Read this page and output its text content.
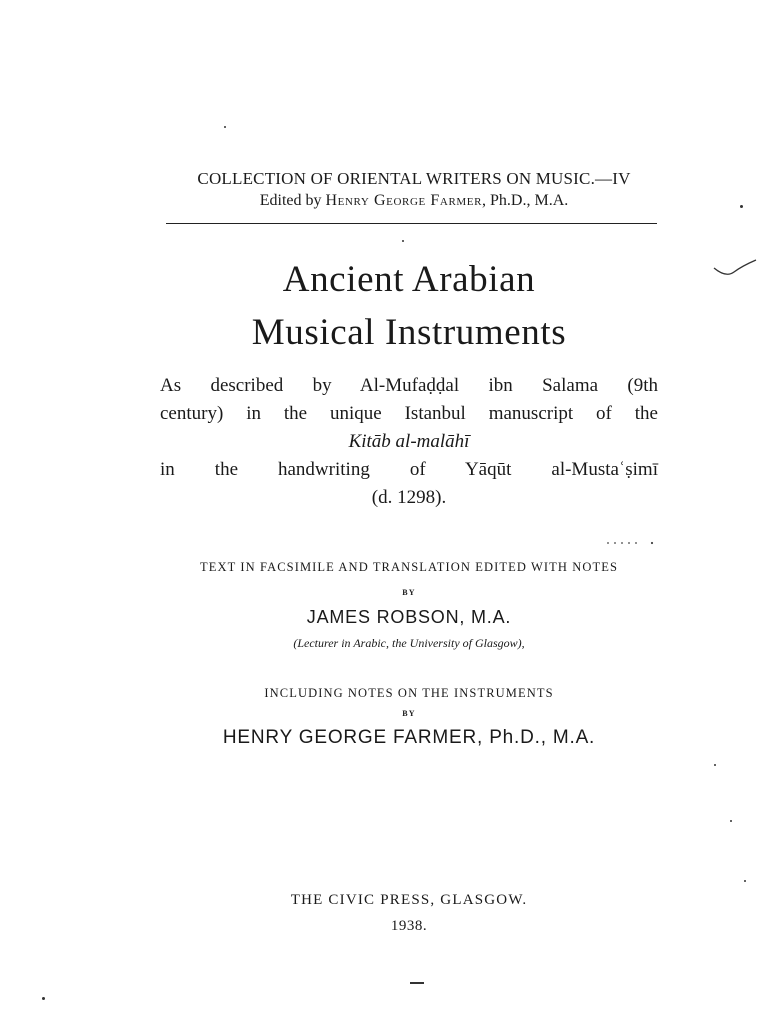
COLLECTION OF ORIENTAL WRITERS ON MUSIC.—IV
Edited by Henry George Farmer, Ph.D., M.A.
Ancient Arabian
Musical Instruments
As described by Al-Mufaḍḍal ibn Salama (9th
century) in the unique Istanbul manuscript of the
Kitāb al-malāhī
in the handwriting of Yāqūt al-Mustaʿṣimī
(d. 1298).
TEXT IN FACSIMILE AND TRANSLATION EDITED WITH NOTES
BY
JAMES ROBSON, M.A.
(Lecturer in Arabic, the University of Glasgow),
INCLUDING NOTES ON THE INSTRUMENTS
BY
HENRY GEORGE FARMER, Ph.D., M.A.
THE CIVIC PRESS, GLASGOW.
1938.
